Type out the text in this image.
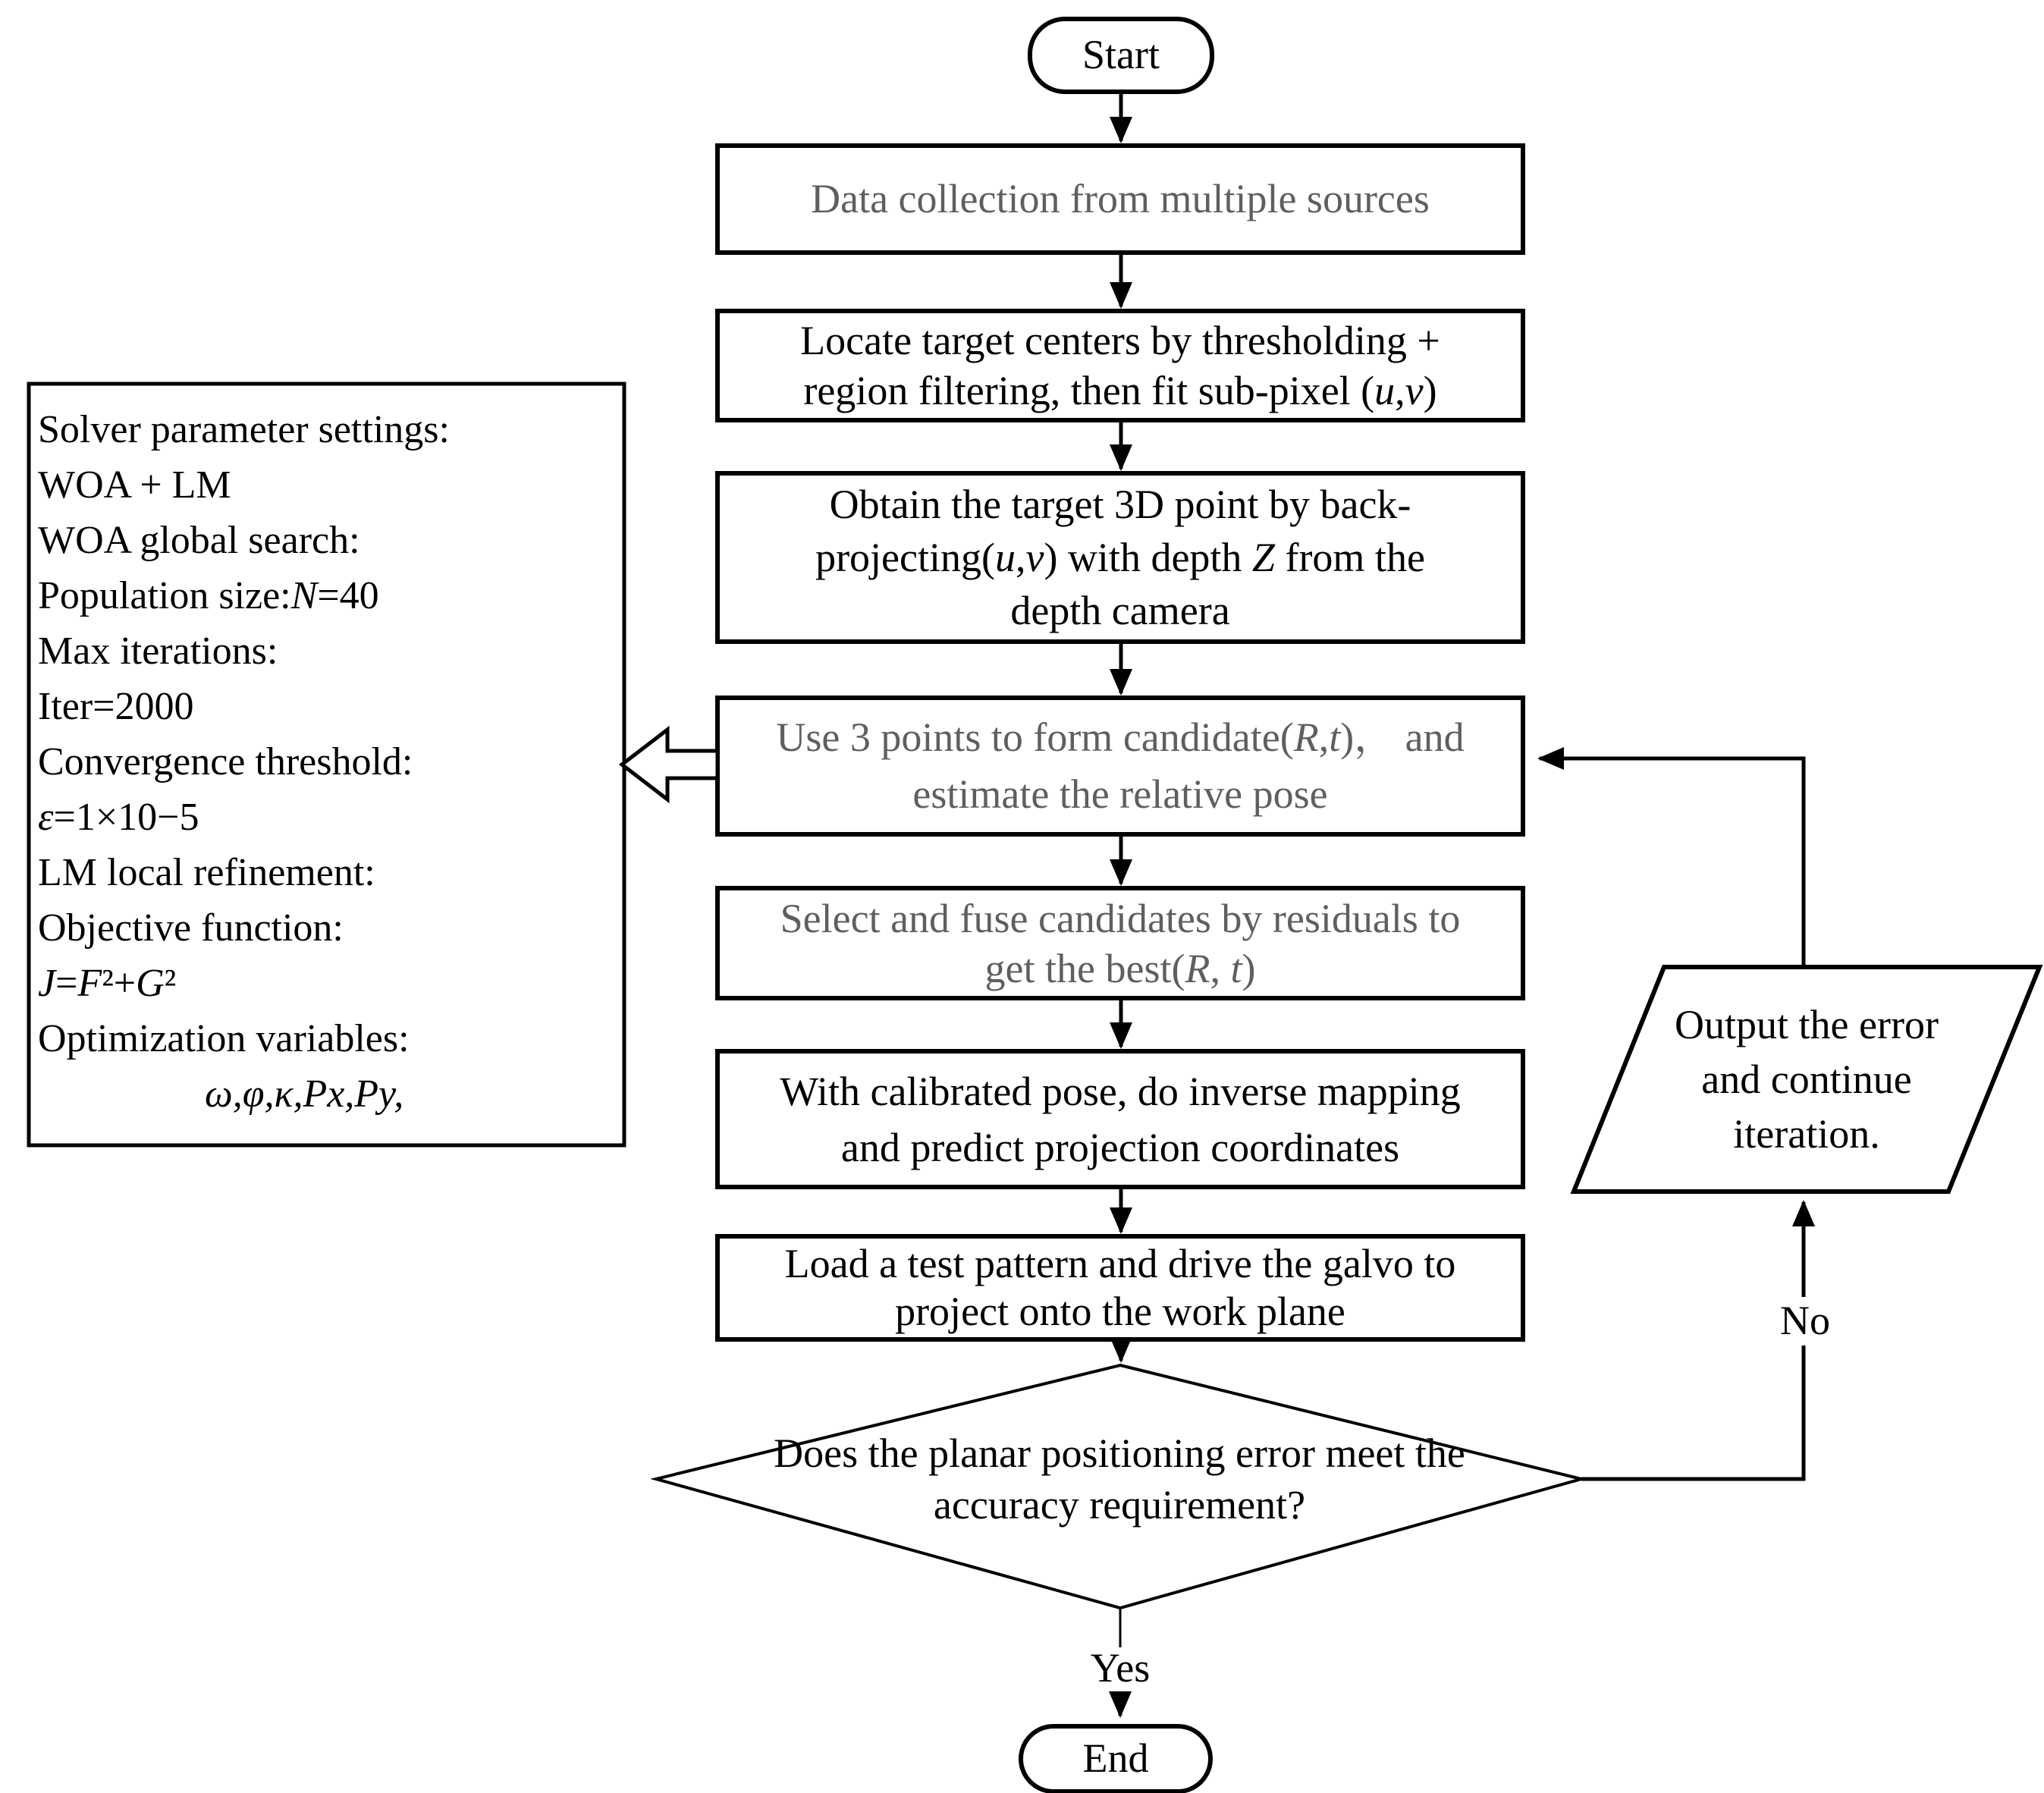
Start
Data collection from multiple sources
Locate target centers by thresholding +
region filtering, then fit sub-pixel (u,v)
Obtain the target 3D point by back-
projecting(u,v) with depth Z from the
depth camera
Use 3 points to form candidate(R,t)， and
estimate the relative pose
Select and fuse candidates by residuals to
get the best(R, t)
With calibrated pose, do inverse mapping
and predict projection coordinates
Load a test pattern and drive the galvo to
project onto the work plane
Does the planar positioning error meet the
accuracy requirement?
Output the error
and continue
iteration.
Yes
No
End
Solver parameter settings:
WOA + LM
WOA global search:
Population size:N=40
Max iterations:
Iter=2000
Convergence threshold:
ε=1×10−5
LM local refinement:
Objective function:
J=F²+G²
Optimization variables:
ω,φ,κ,Px,Py,
